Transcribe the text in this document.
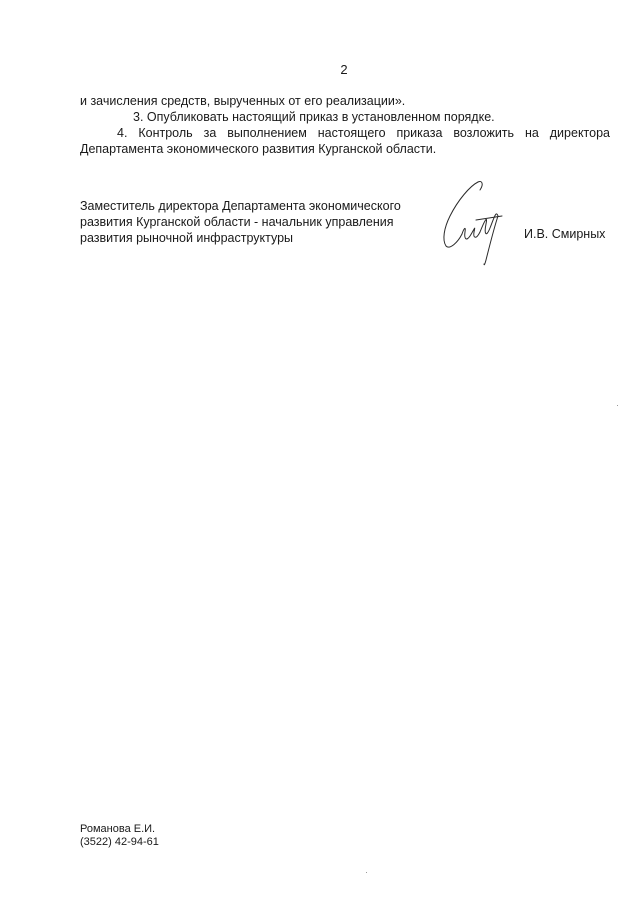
2
и зачисления средств, вырученных от его реализации».
3. Опубликовать настоящий приказ в установленном порядке.
4. Контроль за выполнением настоящего приказа возложить на директора
Департамента экономического развития Курганской области.
Заместитель директора Департамента экономического
развития Курганской области - начальник управления
развития рыночной инфраструктуры	И.В. Смирных
Романова Е.И.
(3522) 42-94-61
